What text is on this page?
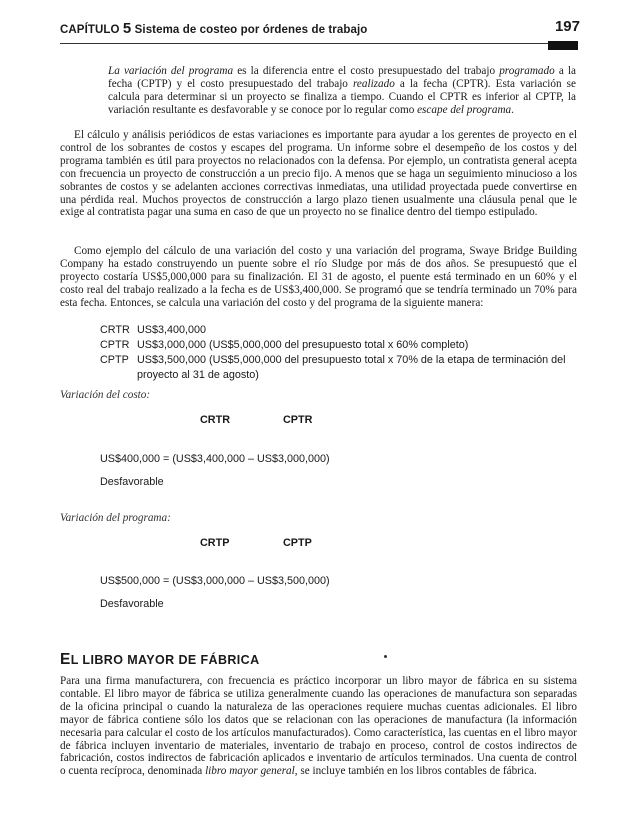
CAPÍTULO 5 Sistema de costeo por órdenes de trabajo	197

La variación del programa es la diferencia entre el costo presupuestado del trabajo programado a la fecha (CPTP) y el costo presupuestado del trabajo realizado a la fecha (CPTR). Esta variación se calcula para determinar si un proyecto se finaliza a tiempo. Cuando el CPTR es inferior al CPTP, la variación resultante es desfavorable y se conoce por lo regular como escape del programa.

El cálculo y análisis periódicos de estas variaciones es importante para ayudar a los gerentes de proyecto en el control de los sobrantes de costos y escapes del programa. Un informe sobre el desempeño de los costos y del programa también es útil para proyectos no relacionados con la defensa. Por ejemplo, un contratista general acepta con frecuencia un proyecto de construcción a un precio fijo. A menos que se haga un seguimiento minucioso a los sobrantes de costos y se adelanten acciones correctivas inmediatas, una utilidad proyectada puede convertirse en una pérdida real. Muchos proyectos de construcción a largo plazo tienen usualmente una cláusula penal que le exige al contratista pagar una suma en caso de que un proyecto no se finalice dentro del tiempo estipulado.

Como ejemplo del cálculo de una variación del costo y una variación del programa, Swaye Bridge Building Company ha estado construyendo un puente sobre el río Sludge por más de dos años. Se presupuestó que el proyecto costaría US$5,000,000 para su finalización. El 31 de agosto, el puente está terminado en un 60% y el costo real del trabajo realizado a la fecha es de US$3,400,000. Se programó que se tendría terminado un 70% para esta fecha. Entonces, se calcula una variación del costo y del programa de la siguiente manera:

CRTR US$3,400,000
CPTR US$3,000,000 (US$5,000,000 del presupuesto total x 60% completo)
CPTP US$3,500,000 (US$5,000,000 del presupuesto total x 70% de la etapa de terminación del proyecto al 31 de agosto)
Variación del costo:
CRTR	CPTR
US$400,000 = (US$3,400,000 – US$3,000,000)
Desfavorable
Variación del programa:
CRTP	CPTP
US$500,000 = (US$3,000,000 – US$3,500,000)
Desfavorable
EL LIBRO MAYOR DE FÁBRICA

Para una firma manufacturera, con frecuencia es práctico incorporar un libro mayor de fábrica en su sistema contable. El libro mayor de fábrica se utiliza generalmente cuando las operaciones de manufactura son separadas de la oficina principal o cuando la naturaleza de las operaciones requiere muchas cuentas adicionales. El libro mayor de fábrica contiene sólo los datos que se relacionan con las operaciones de manufactura (la información necesaria para calcular el costo de los artículos manufacturados). Como característica, las cuentas en el libro mayor de fábrica incluyen inventario de materiales, inventario de trabajo en proceso, control de costos indirectos de fabricación, costos indirectos de fabricación aplicados e inventario de artículos terminados. Una cuenta de control o cuenta recíproca, denominada libro mayor general, se incluye también en los libros contables de fábrica.
